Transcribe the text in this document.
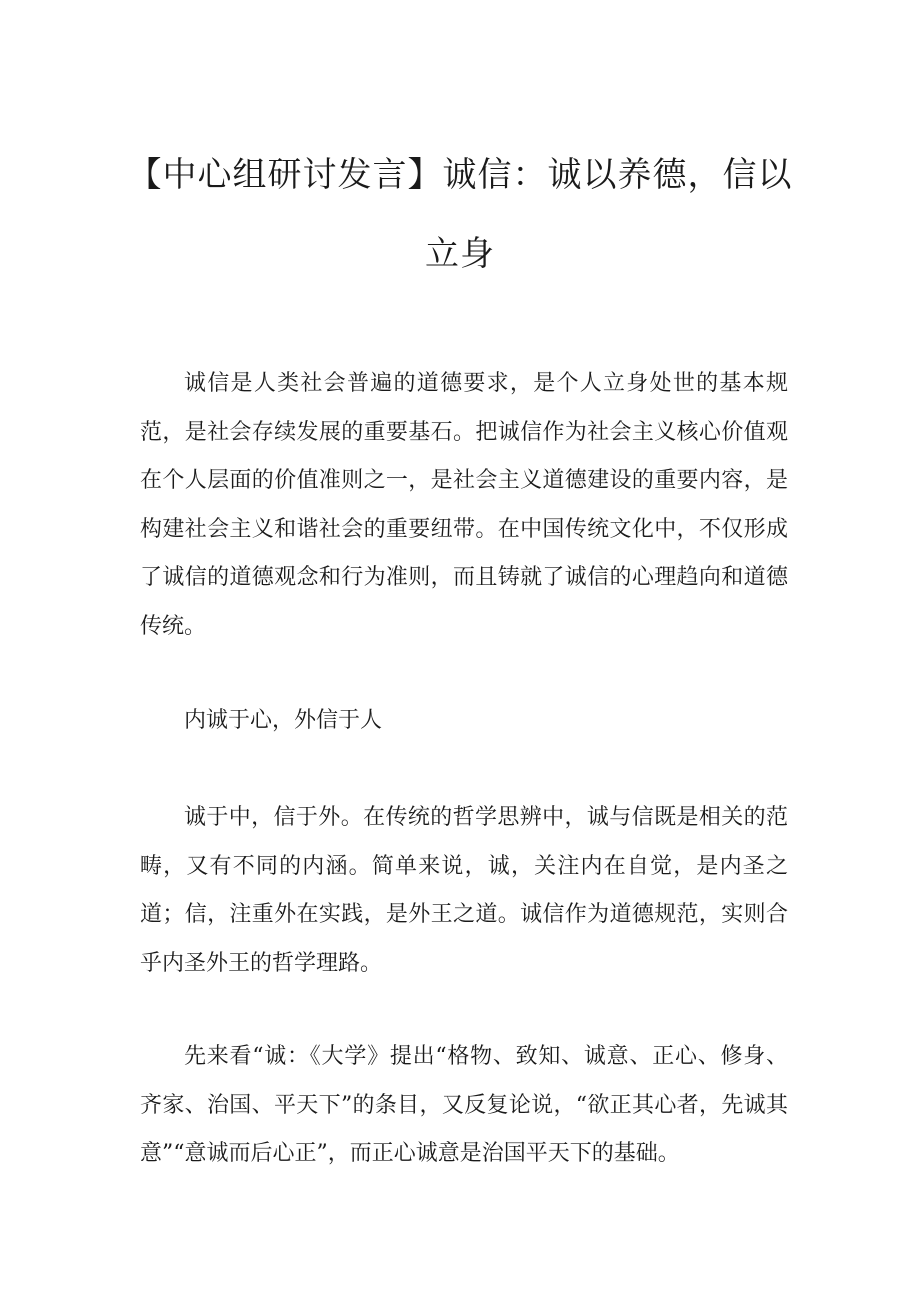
【中心组研讨发言】诚信：诚以养德，信以
立身

诚信是人类社会普遍的道德要求，是个人立身处世的基本规范，是社会存续发展的重要基石。把诚信作为社会主义核心价值观在个人层面的价值准则之一，是社会主义道德建设的重要内容，是构建社会主义和谐社会的重要纽带。在中国传统文化中，不仅形成了诚信的道德观念和行为准则，而且铸就了诚信的心理趋向和道德传统。

内诚于心，外信于人

诚于中，信于外。在传统的哲学思辨中，诚与信既是相关的范畴，又有不同的内涵。简单来说，诚，关注内在自觉，是内圣之道；信，注重外在实践，是外王之道。诚信作为道德规范，实则合乎内圣外王的哲学理路。

先来看“诚：《大学》提出“格物、致知、诚意、正心、修身、齐家、治国、平天下”的条目，又反复论说，“欲正其心者，先诚其意”“意诚而后心正”，而正心诚意是治国平天下的基础。
